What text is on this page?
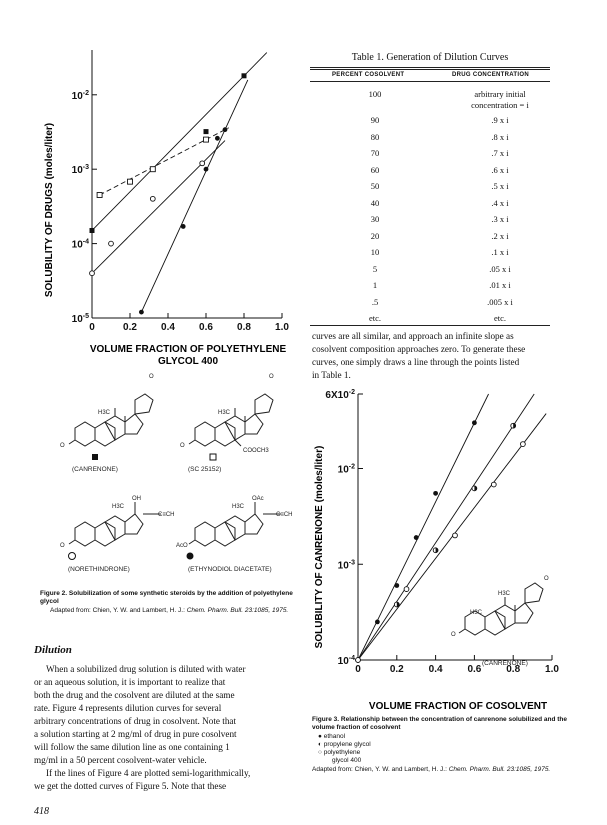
$10^{-2}$
$10^{-3}$
$10^{-4}$
$10^{-5}$
0	0.2 0.4 0.6 0.8 1.0
SOLUBILITY OF DRUGS (moles/liter)
VOLUME FRACTION OF POLYETHYLENE
GLYCOL 400
H3C	H3C
O	O
O	O
COOCH3
OH
C≡CH
H3C
O
OAc
C≡CH
H3C
AcO
(CANRENONE)	(SC 25152)
(NORETHINDRONE)	(ETHYNODIOL DIACETATE)
Figure 2. Solubilization of some synthetic steroids by the addition of polyethylene glycol
Adapted from: Chien, Y. W. and Lambert, H. J.: Chem. Pharm. Bull. 23:1085, 1975.
Dilution
When a solubilized drug solution is diluted with water
or an aqueous solution, it is important to realize that
both the drug and the cosolvent are diluted at the same
rate. Figure 4 represents dilution curves for several
arbitrary concentrations of drug in cosolvent. Note that
a solution starting at 2 mg/ml of drug in pure cosolvent
will follow the same dilution line as one containing 1
mg/ml in a 50 percent cosolvent-water vehicle.
If the lines of Figure 4 are plotted semi-logarithmically,
we get the dotted curves of Figure 5. Note that these
418
Table 1. Generation of Dilution Curves
PERCENT COSOLVENT	DRUG CONCENTRATION
100	arbitrary initial
concentration = i
90	.9 x i
80	.8 x i
70	.7 x i
60	.6 x i
50	.5 x i
40	.4 x i
30	.3 x i
20	.2 x i
10	.1 x i
5	.05 x i
1	.01 x i
.5	.005 x i
etc.	etc.
curves are all similar, and approach an infinite slope as
cosolvent composition approaches zero. To generate these
curves, one simply draws a line through the points listed
in Table 1.
$6X10^{-2}$
$10^{-2}$
$10^{-3}$
$10^{-4}$
0	0.2 0.4 0.6 0.8 1.0
SOLUBILITY OF CANRENONE (moles/liter)
VOLUME FRACTION OF COSOLVENT
H3C
H3C
O
O
(CANRENONE)
Figure 3. Relationship between the concentration of canrenone solubilized and the volume fraction of cosolvent
● ethanol
◐ propylene glycol
○ polyethylene
glycol 400
Adapted from: Chien, Y. W. and Lambert, H. J.: Chem. Pharm. Bull. 23:1085, 1975.
